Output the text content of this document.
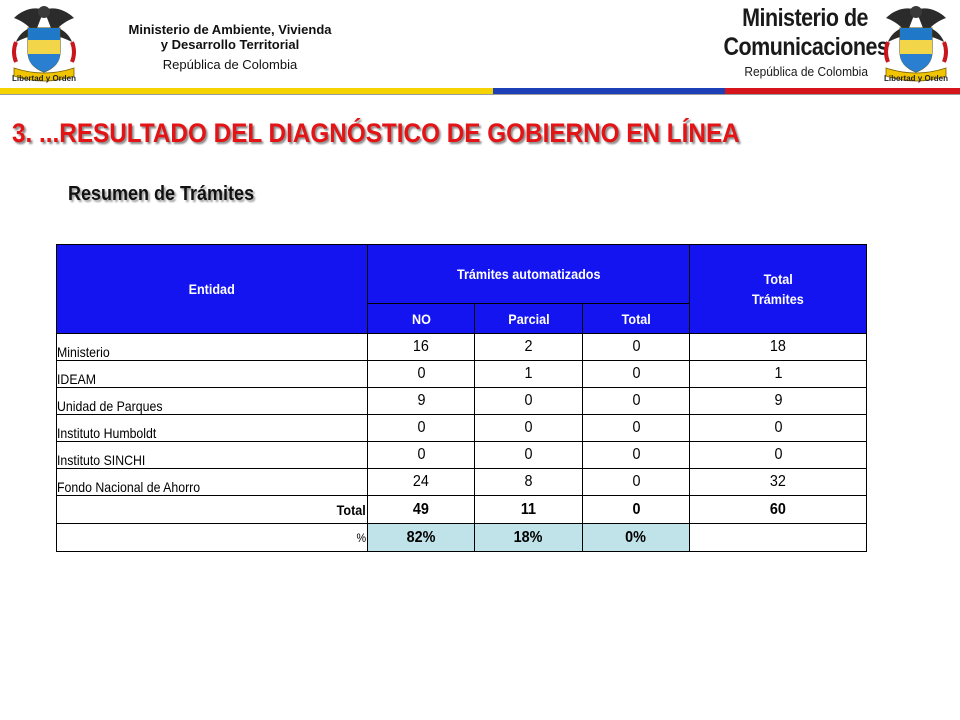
Libertad y Orden
Ministerio de Ambiente, Vivienda
y Desarrollo Territorial
República de Colombia
Ministerio de
Comunicaciones
República de Colombia	Libertad y Orden
3. ...RESULTADO DEL DIAGNÓSTICO DE GOBIERNO EN LÍNEA
Resumen de Trámites
Entidad	Trámites automatizados			Total
Trámites
	NO	Parcial	Total	
Ministerio	16	2	0	18
IDEAM	0	1	0	1
Unidad de Parques	9	0	0	9
Instituto Humboldt	0	0	0	0
Instituto SINCHI	0	0	0	0
Fondo Nacional de Ahorro	24	8	0	32
Total	49	11	0	60
%	82%	18%	0%	
